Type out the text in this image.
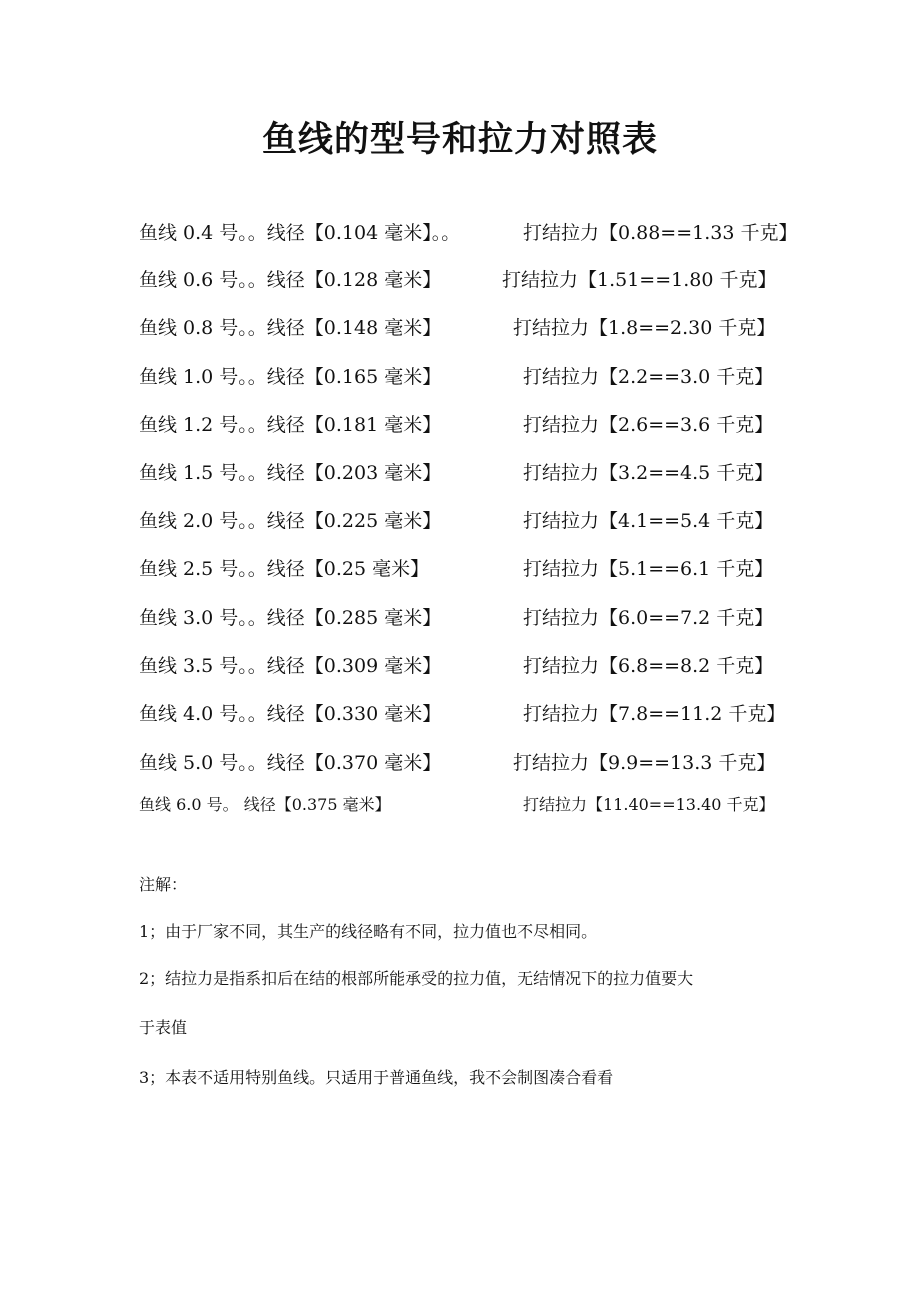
鱼线的型号和拉力对照表
鱼线 0.4 号。。线径【0.104 毫米】。。	打结拉力【0.88==1.33 千克】
鱼线 0.6 号。。线径【0.128 毫米】	打结拉力【1.51==1.80 千克】
鱼线 0.8 号。。线径【0.148 毫米】	打结拉力【1.8==2.30 千克】
鱼线 1.0 号。。线径【0.165 毫米】	打结拉力【2.2==3.0 千克】
鱼线 1.2 号。。线径【0.181 毫米】	打结拉力【2.6==3.6 千克】
鱼线 1.5 号。。线径【0.203 毫米】	打结拉力【3.2==4.5 千克】
鱼线 2.0 号。。线径【0.225 毫米】	打结拉力【4.1==5.4 千克】
鱼线 2.5 号。。线径【0.25 毫米】	打结拉力【5.1==6.1 千克】
鱼线 3.0 号。。线径【0.285 毫米】	打结拉力【6.0==7.2 千克】
鱼线 3.5 号。。线径【0.309 毫米】	打结拉力【6.8==8.2 千克】
鱼线 4.0 号。。线径【0.330 毫米】	打结拉力【7.8==11.2 千克】
鱼线 5.0 号。。线径【0.370 毫米】	打结拉力【9.9==13.3 千克】
鱼线 6.0 号。 线径【0.375 毫米】	打结拉力【11.40==13.40 千克】
注解：
1；由于厂家不同，其生产的线径略有不同，拉力值也不尽相同。
2；结拉力是指系扣后在结的根部所能承受的拉力值，无结情况下的拉力值要大
于表值
3；本表不适用特别鱼线。只适用于普通鱼线，我不会制图凑合看看
